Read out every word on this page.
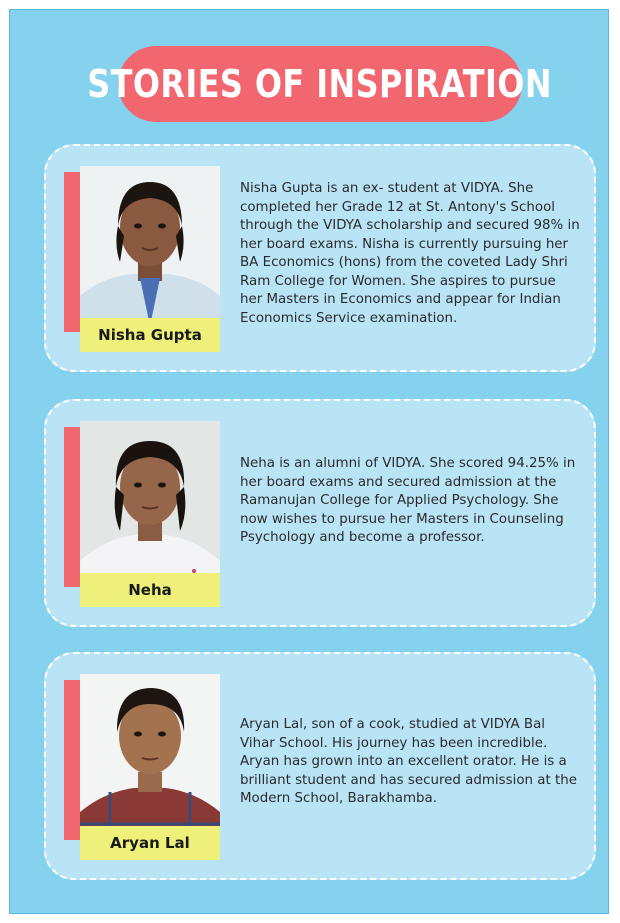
STORIES OF INSPIRATION
Nisha Gupta

Nisha Gupta is an ex- student at VIDYA. She completed her Grade 12 at St. Antony's School through the VIDYA scholarship and secured 98% in her board exams. Nisha is currently pursuing her BA Economics (hons) from the coveted Lady Shri Ram College for Women. She aspires to pursue her Masters in Economics and appear for Indian Economics Service examination.

Neha

Neha is an alumni of VIDYA. She scored 94.25% in her board exams and secured admission at the Ramanujan College for Applied Psychology. She now wishes to pursue her Masters in Counseling Psychology and become a professor.

Aryan Lal

Aryan Lal, son of a cook, studied at VIDYA Bal Vihar School. His journey has been incredible. Aryan has grown into an excellent orator. He is a brilliant student and has secured admission at the Modern School, Barakhamba.
